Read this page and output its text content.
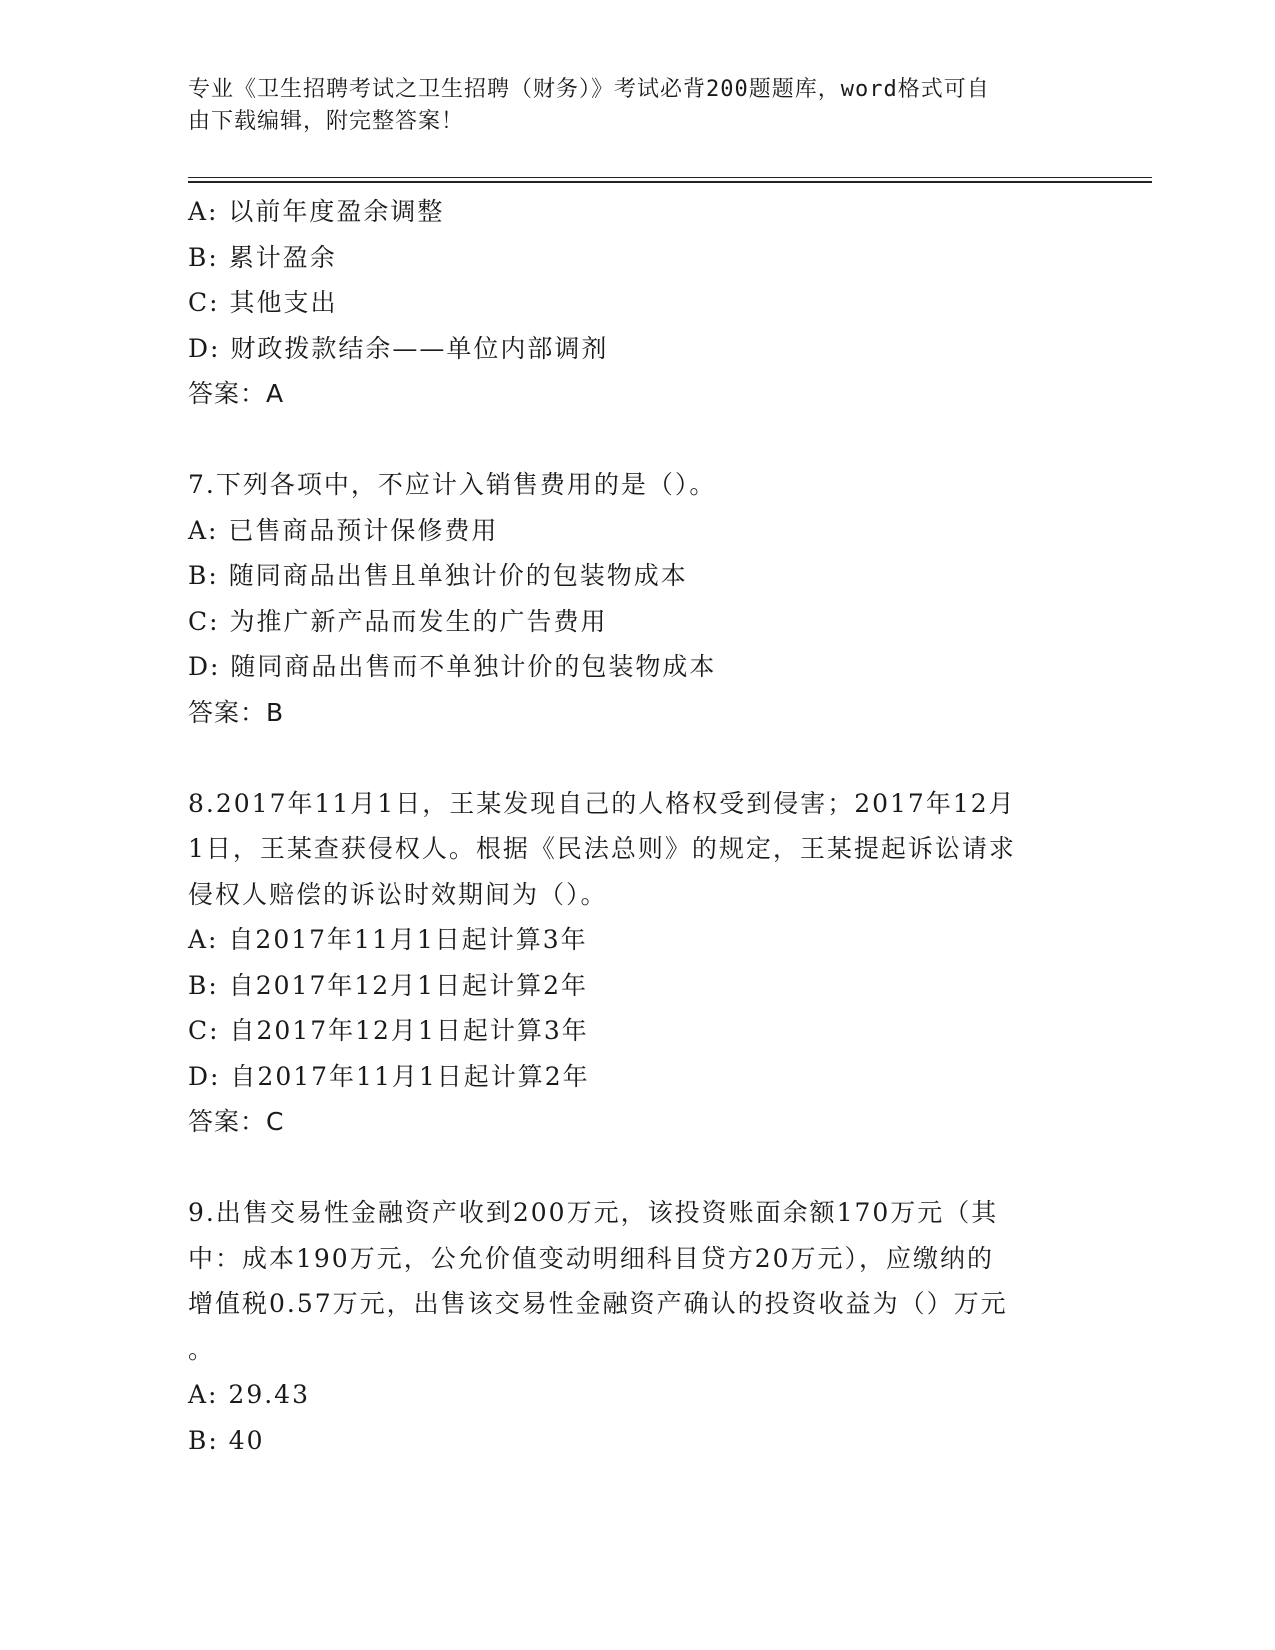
专业《卫生招聘考试之卫生招聘（财务）》考试必背200题题库，word格式可自
由下载编辑，附完整答案！
A: 以前年度盈余调整
B: 累计盈余
C: 其他支出
D: 财政拨款结余——单位内部调剂
答案：A
7.下列各项中，不应计入销售费用的是（）。
A: 已售商品预计保修费用
B: 随同商品出售且单独计价的包装物成本
C: 为推广新产品而发生的广告费用
D: 随同商品出售而不单独计价的包装物成本
答案：B
8.2017年11月1日，王某发现自己的人格权受到侵害；2017年12月
1日，王某查获侵权人。根据《民法总则》的规定，王某提起诉讼请求
侵权人赔偿的诉讼时效期间为（）。
A: 自2017年11月1日起计算3年
B: 自2017年12月1日起计算2年
C: 自2017年12月1日起计算3年
D: 自2017年11月1日起计算2年
答案：C
9.出售交易性金融资产收到200万元，该投资账面余额170万元（其
中：成本190万元，公允价值变动明细科目贷方20万元），应缴纳的
增值税0.57万元，出售该交易性金融资产确认的投资收益为（）万元
。
A: 29.43
B: 40
